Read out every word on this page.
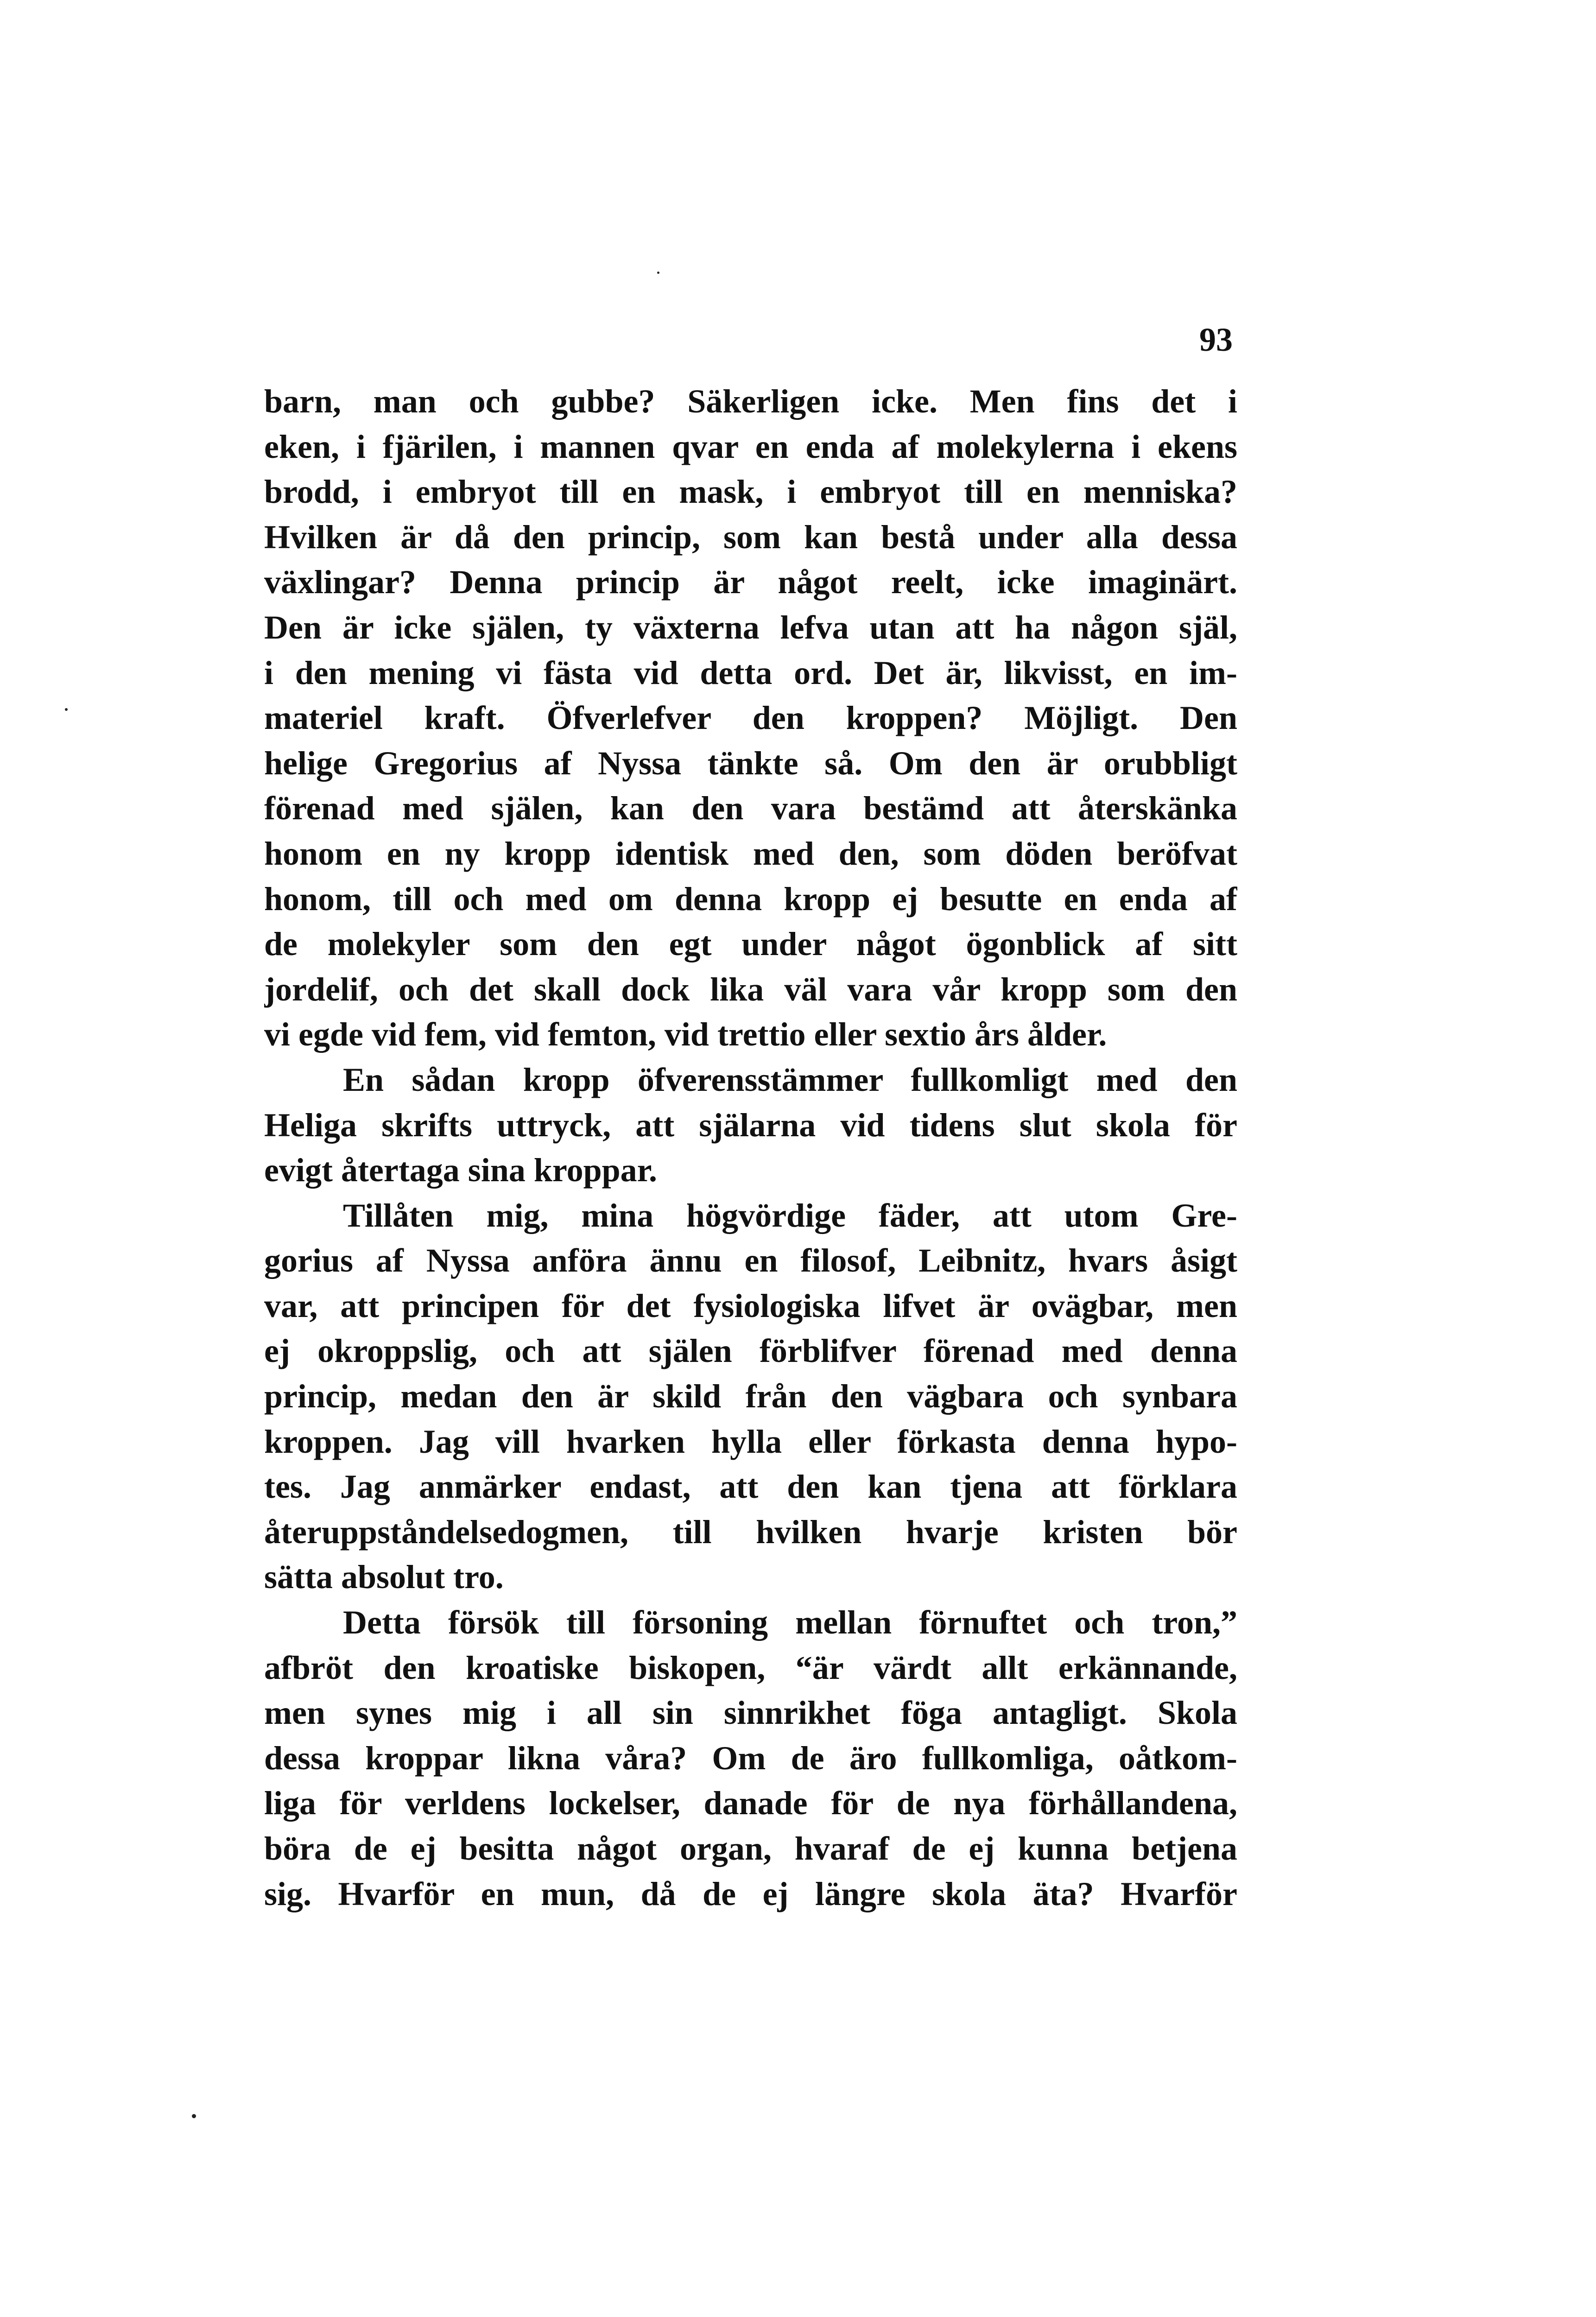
93
barn, man och gubbe? Säkerligen icke. Men fins det i
eken, i fjärilen, i mannen qvar en enda af molekylerna i ekens
brodd, i embryot till en mask, i embryot till en menniska?
Hvilken är då den princip, som kan bestå under alla dessa
växlingar? Denna princip är något reelt, icke imaginärt.
Den är icke själen, ty växterna lefva utan att ha någon själ,
i den mening vi fästa vid detta ord. Det är, likvisst, en im-
materiel kraft. Öfverlefver den kroppen? Möjligt. Den
helige Gregorius af Nyssa tänkte så. Om den är orubbligt
förenad med själen, kan den vara bestämd att återskänka
honom en ny kropp identisk med den, som döden beröfvat
honom, till och med om denna kropp ej besutte en enda af
de molekyler som den egt under något ögonblick af sitt
jordelif, och det skall dock lika väl vara vår kropp som den
vi egde vid fem, vid femton, vid trettio eller sextio års ålder.
En sådan kropp öfverensstämmer fullkomligt med den
Heliga skrifts uttryck, att själarna vid tidens slut skola för
evigt återtaga sina kroppar.
Tillåten mig, mina högvördige fäder, att utom Gre-
gorius af Nyssa anföra ännu en filosof, Leibnitz, hvars åsigt
var, att principen för det fysiologiska lifvet är ovägbar, men
ej okroppslig, och att själen förblifver förenad med denna
princip, medan den är skild från den vägbara och synbara
kroppen. Jag vill hvarken hylla eller förkasta denna hypo-
tes. Jag anmärker endast, att den kan tjena att förklara
återuppståndelsedogmen, till hvilken hvarje kristen bör
sätta absolut tro.
Detta försök till försoning mellan förnuftet och tron,”
afbröt den kroatiske biskopen, “är värdt allt erkännande,
men synes mig i all sin sinnrikhet föga antagligt. Skola
dessa kroppar likna våra? Om de äro fullkomliga, oåtkom-
liga för verldens lockelser, danade för de nya förhållandena,
böra de ej besitta något organ, hvaraf de ej kunna betjena
sig. Hvarför en mun, då de ej längre skola äta? Hvarför
